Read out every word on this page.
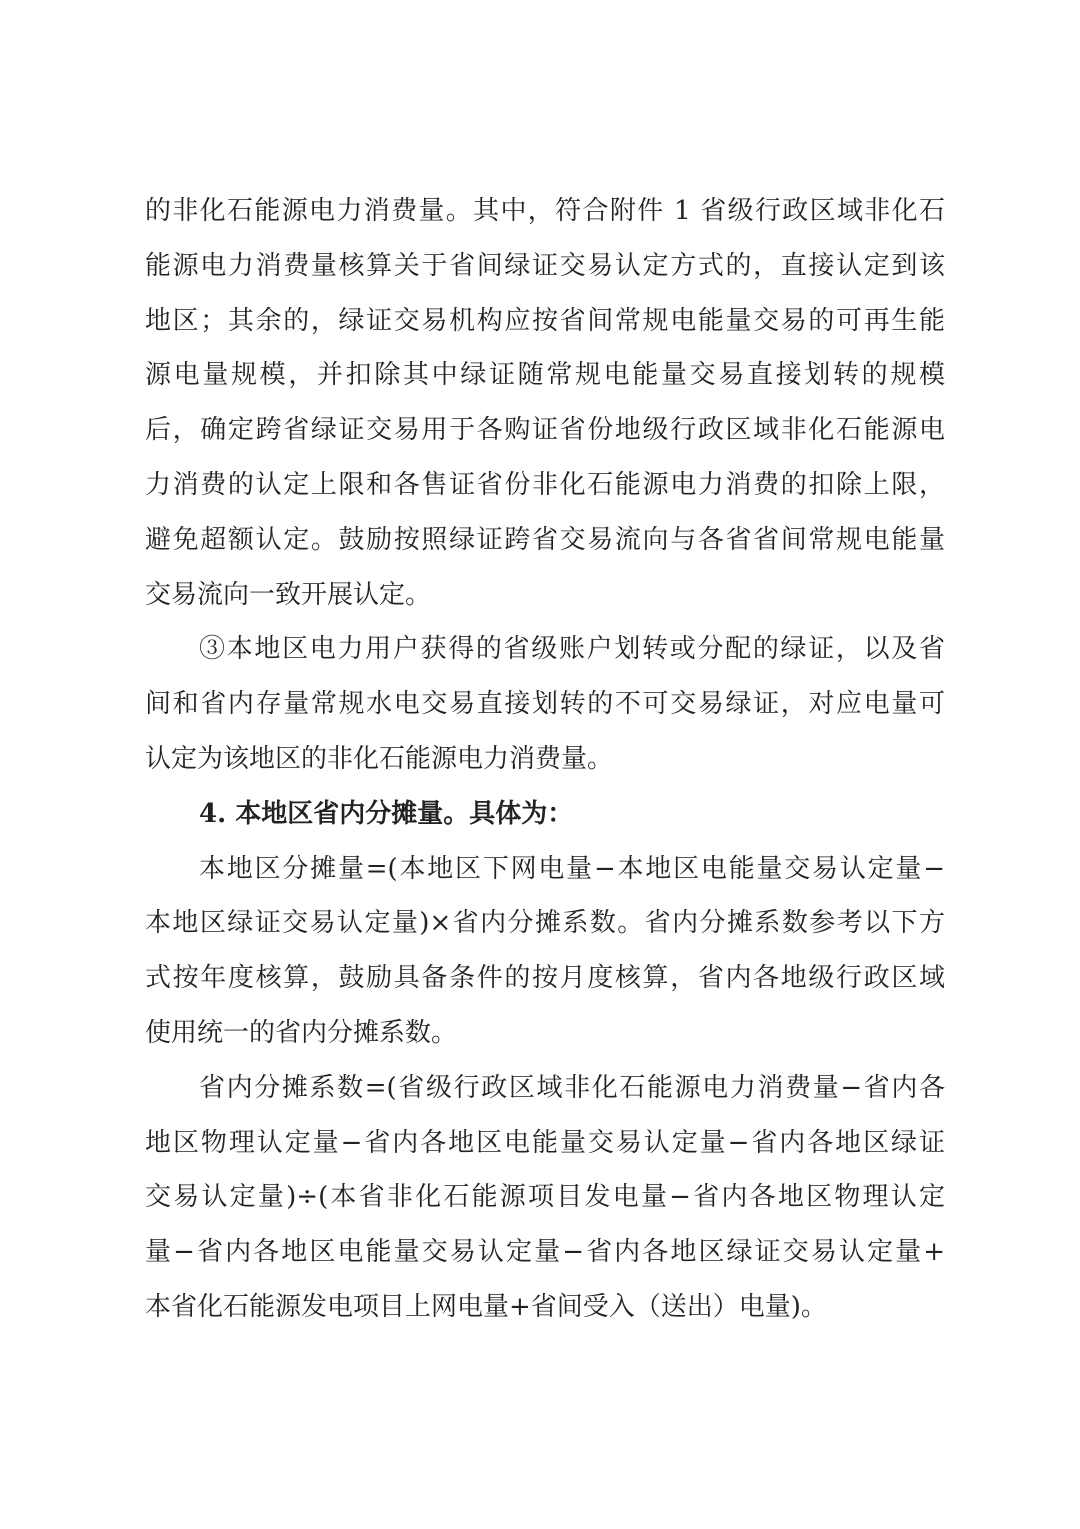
的非化石能源电力消费量。其中，符合附件 1 省级行政区域非化石
能源电力消费量核算关于省间绿证交易认定方式的，直接认定到该
地区；其余的，绿证交易机构应按省间常规电能量交易的可再生能
源电量规模，并扣除其中绿证随常规电能量交易直接划转的规模
后，确定跨省绿证交易用于各购证省份地级行政区域非化石能源电
力消费的认定上限和各售证省份非化石能源电力消费的扣除上限，
避免超额认定。鼓励按照绿证跨省交易流向与各省省间常规电能量
交易流向一致开展认定。
③本地区电力用户获得的省级账户划转或分配的绿证，以及省
间和省内存量常规水电交易直接划转的不可交易绿证，对应电量可
认定为该地区的非化石能源电力消费量。
4. 本地区省内分摊量。具体为：
本地区分摊量=(本地区下网电量−本地区电能量交易认定量−
本地区绿证交易认定量)×省内分摊系数。省内分摊系数参考以下方
式按年度核算，鼓励具备条件的按月度核算，省内各地级行政区域
使用统一的省内分摊系数。
省内分摊系数=(省级行政区域非化石能源电力消费量−省内各
地区物理认定量−省内各地区电能量交易认定量−省内各地区绿证
交易认定量)÷(本省非化石能源项目发电量−省内各地区物理认定
量−省内各地区电能量交易认定量−省内各地区绿证交易认定量+
本省化石能源发电项目上网电量+省间受入（送出）电量)。
